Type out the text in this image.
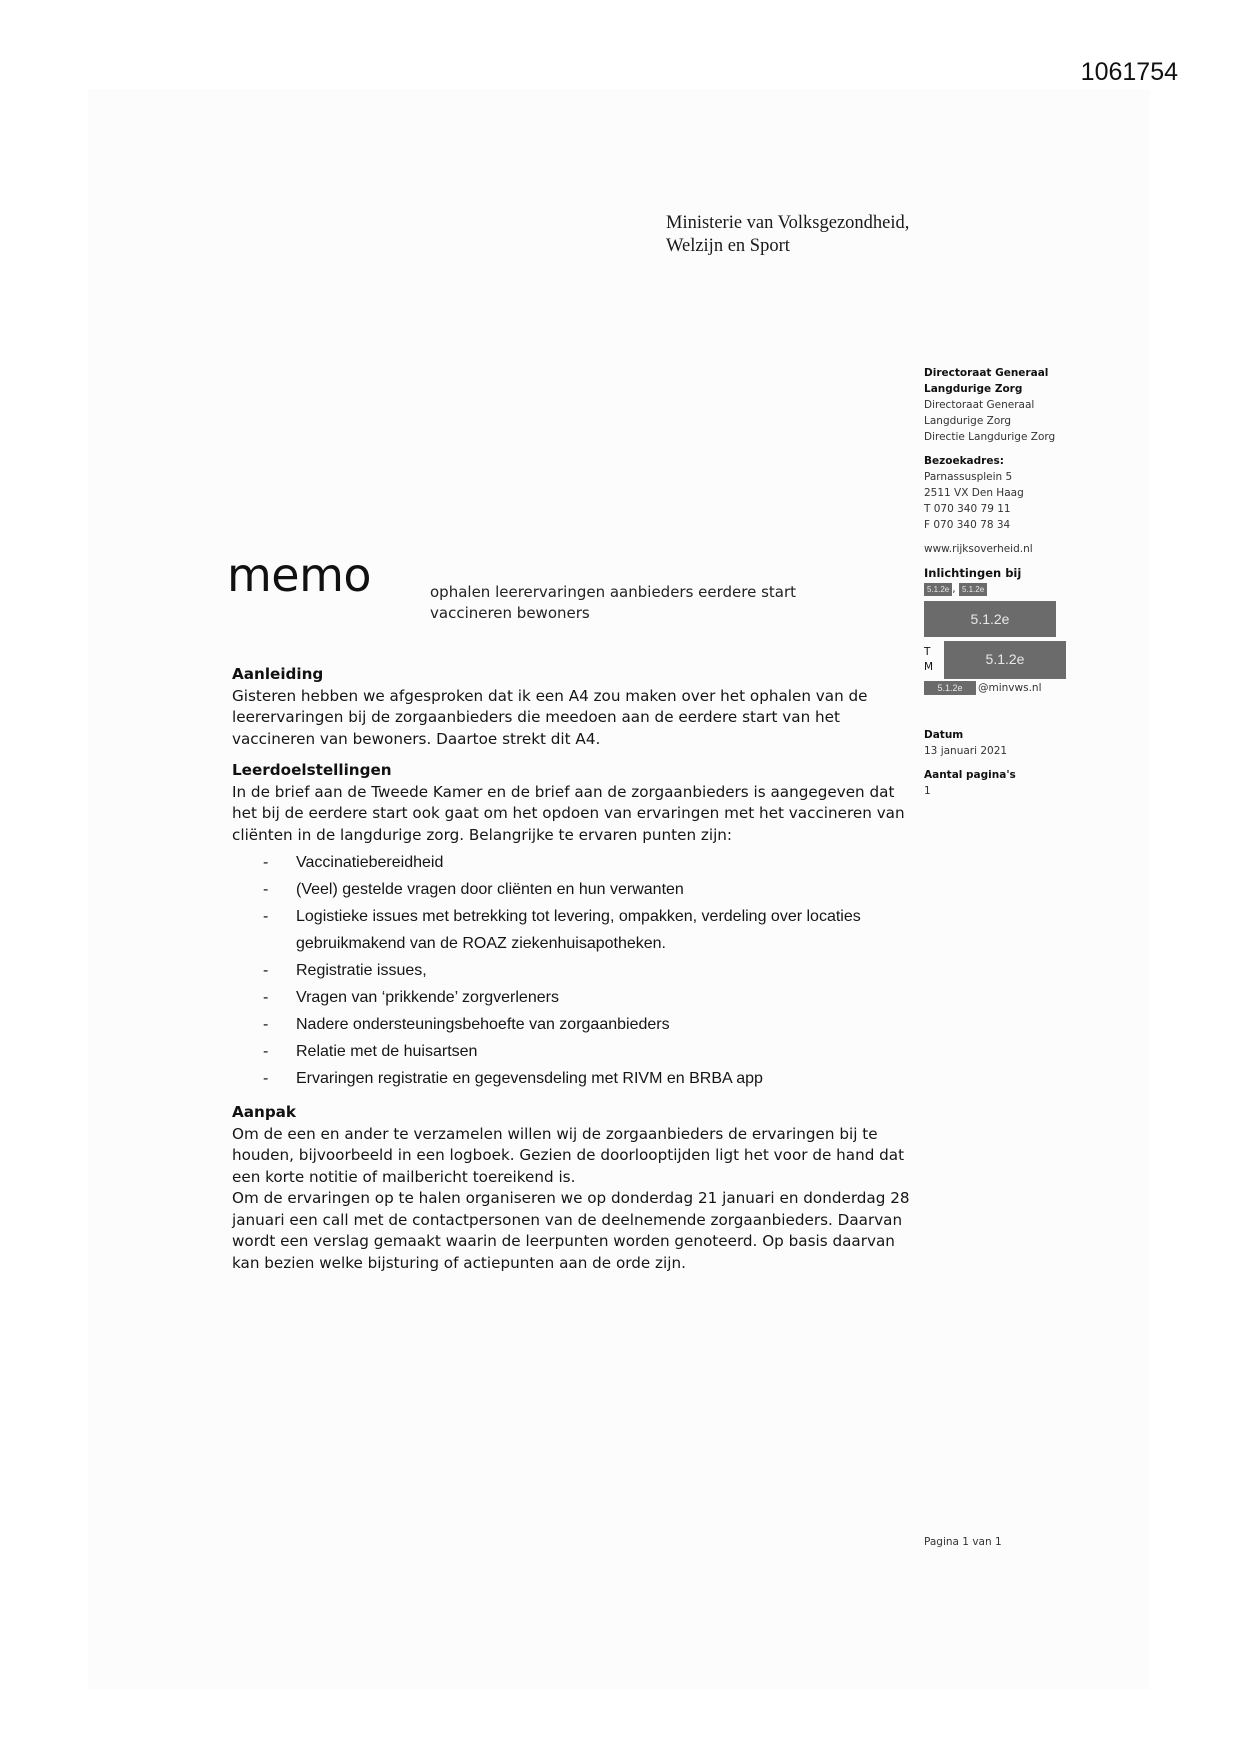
1061754
Ministerie van Volksgezondheid,
Welzijn en Sport
Directoraat Generaal
Langdurige Zorg
Directoraat Generaal
Langdurige Zorg
Directie Langdurige Zorg
Bezoekadres:
Parnassusplein 5
2511 VX Den Haag
T 070 340 79 11
F 070 340 78 34
www.rijksoverheid.nl
Inlichtingen bij
5.1.2e , 5.1.2e
5.1.2e
T
M	5.1.2e
5.1.2e	@minvws.nl
Datum
13 januari 2021
Aantal pagina's
1
memo	ophalen leerervaringen aanbieders eerdere start vaccineren bewoners
Aanleiding

Gisteren hebben we afgesproken dat ik een A4 zou maken over het ophalen van de leerervaringen bij de zorgaanbieders die meedoen aan de eerdere start van het vaccineren van bewoners. Daartoe strekt dit A4.

Leerdoelstellingen

In de brief aan de Tweede Kamer en de brief aan de zorgaanbieders is aangegeven dat het bij de eerdere start ook gaat om het opdoen van ervaringen met het vaccineren van cliënten in de langdurige zorg. Belangrijke te ervaren punten zijn:

- Vaccinatiebereidheid
- (Veel) gestelde vragen door cliënten en hun verwanten
- Logistieke issues met betrekking tot levering, ompakken, verdeling over locaties gebruikmakend van de ROAZ ziekenhuisapotheken.
- Registratie issues,
- Vragen van ‘prikkende’ zorgverleners
- Nadere ondersteuningsbehoefte van zorgaanbieders
- Relatie met de huisartsen
- Ervaringen registratie en gegevensdeling met RIVM en BRBA app
Aanpak

Om de een en ander te verzamelen willen wij de zorgaanbieders de ervaringen bij te houden, bijvoorbeeld in een logboek. Gezien de doorlooptijden ligt het voor de hand dat een korte notitie of mailbericht toereikend is.

Om de ervaringen op te halen organiseren we op donderdag 21 januari en donderdag 28 januari een call met de contactpersonen van de deelnemende zorgaanbieders. Daarvan wordt een verslag gemaakt waarin de leerpunten worden genoteerd. Op basis daarvan kan bezien welke bijsturing of actiepunten aan de orde zijn.

Pagina 1 van 1
